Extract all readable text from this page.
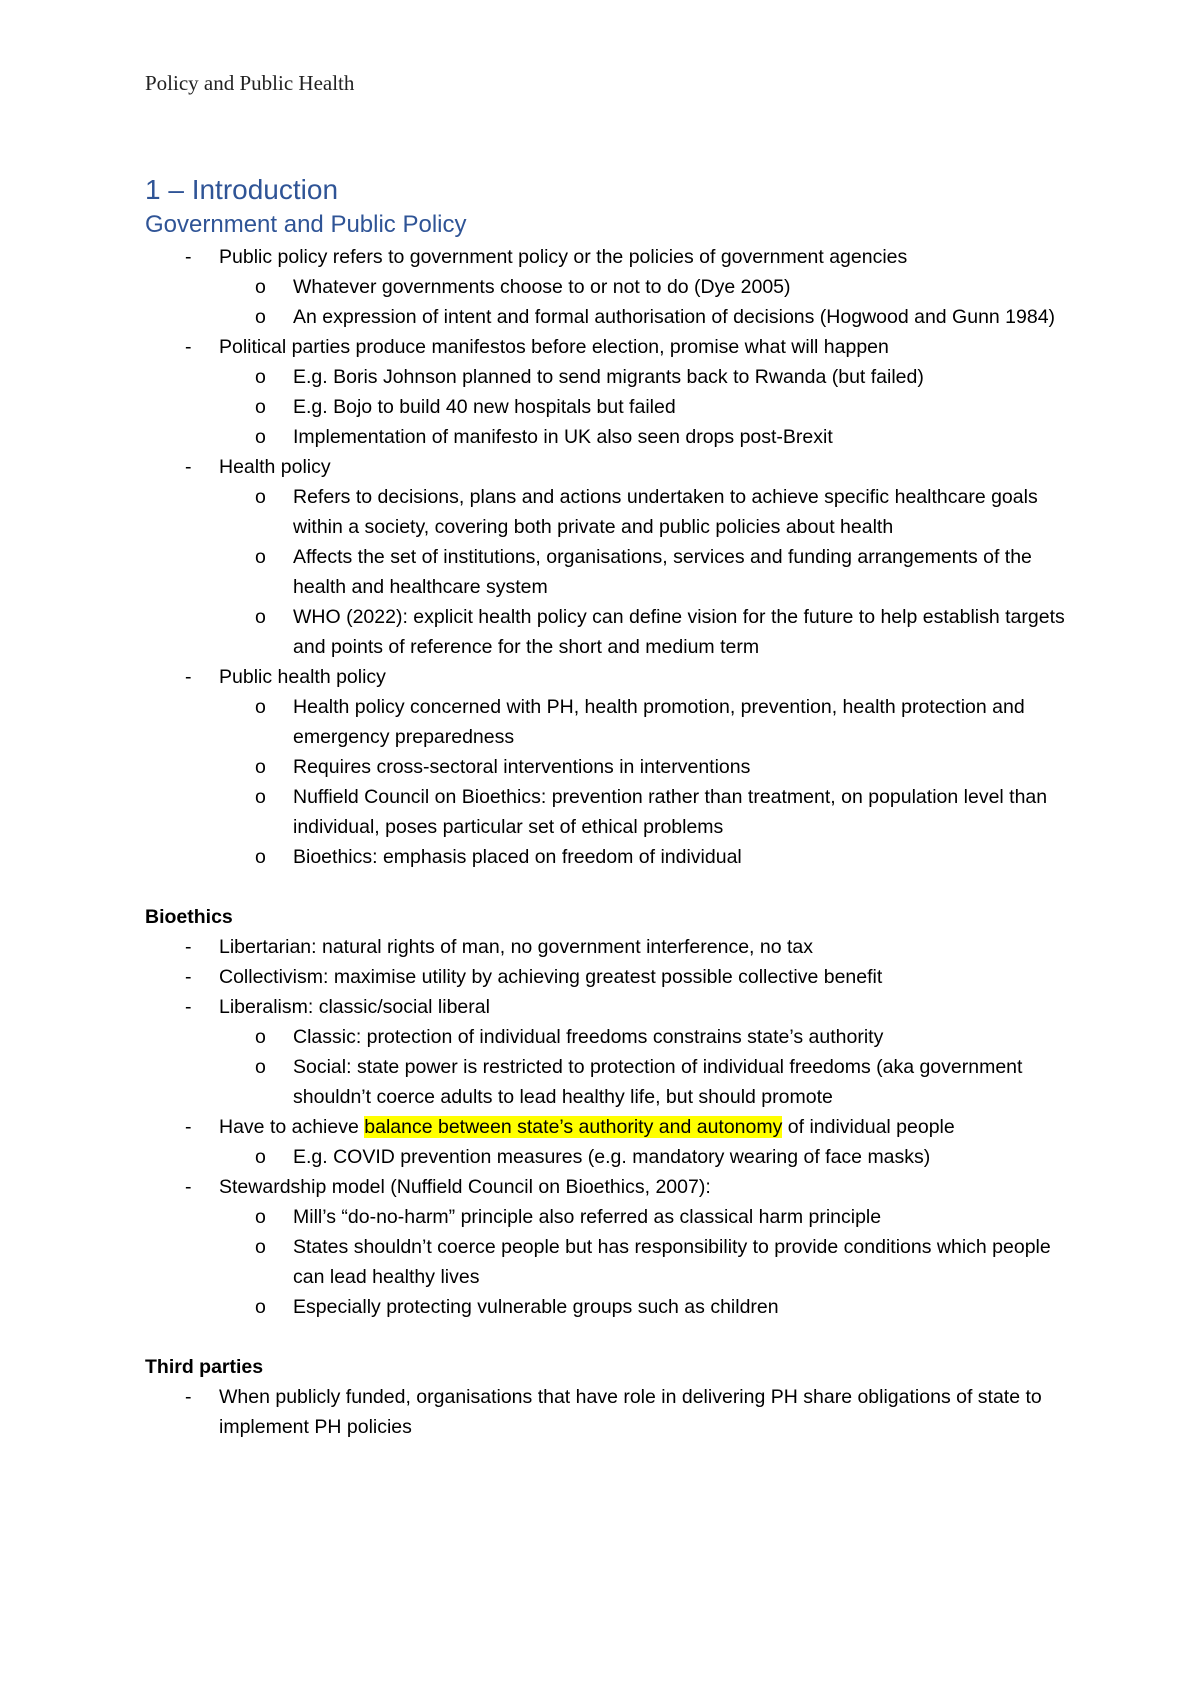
Policy and Public Health
1 – Introduction
Government and Public Policy
- Public policy refers to government policy or the policies of government agencies
o Whatever governments choose to or not to do (Dye 2005)
o An expression of intent and formal authorisation of decisions (Hogwood and Gunn 1984)
- Political parties produce manifestos before election, promise what will happen
o E.g. Boris Johnson planned to send migrants back to Rwanda (but failed)
o E.g. Bojo to build 40 new hospitals but failed
o Implementation of manifesto in UK also seen drops post-Brexit
- Health policy
o Refers to decisions, plans and actions undertaken to achieve specific healthcare goals within a society, covering both private and public policies about health
o Affects the set of institutions, organisations, services and funding arrangements of the health and healthcare system
o WHO (2022): explicit health policy can define vision for the future to help establish targets and points of reference for the short and medium term
- Public health policy
o Health policy concerned with PH, health promotion, prevention, health protection and emergency preparedness
o Requires cross-sectoral interventions in interventions
o Nuffield Council on Bioethics: prevention rather than treatment, on population level than individual, poses particular set of ethical problems
o Bioethics: emphasis placed on freedom of individual
Bioethics
- Libertarian: natural rights of man, no government interference, no tax
- Collectivism: maximise utility by achieving greatest possible collective benefit
- Liberalism: classic/social liberal
o Classic: protection of individual freedoms constrains state’s authority
o Social: state power is restricted to protection of individual freedoms (aka government shouldn’t coerce adults to lead healthy life, but should promote
- Have to achieve balance between state’s authority and autonomy of individual people
o E.g. COVID prevention measures (e.g. mandatory wearing of face masks)
- Stewardship model (Nuffield Council on Bioethics, 2007):
o Mill’s “do-no-harm” principle also referred as classical harm principle
o States shouldn’t coerce people but has responsibility to provide conditions which people can lead healthy lives
o Especially protecting vulnerable groups such as children
Third parties
- When publicly funded, organisations that have role in delivering PH share obligations of state to implement PH policies
